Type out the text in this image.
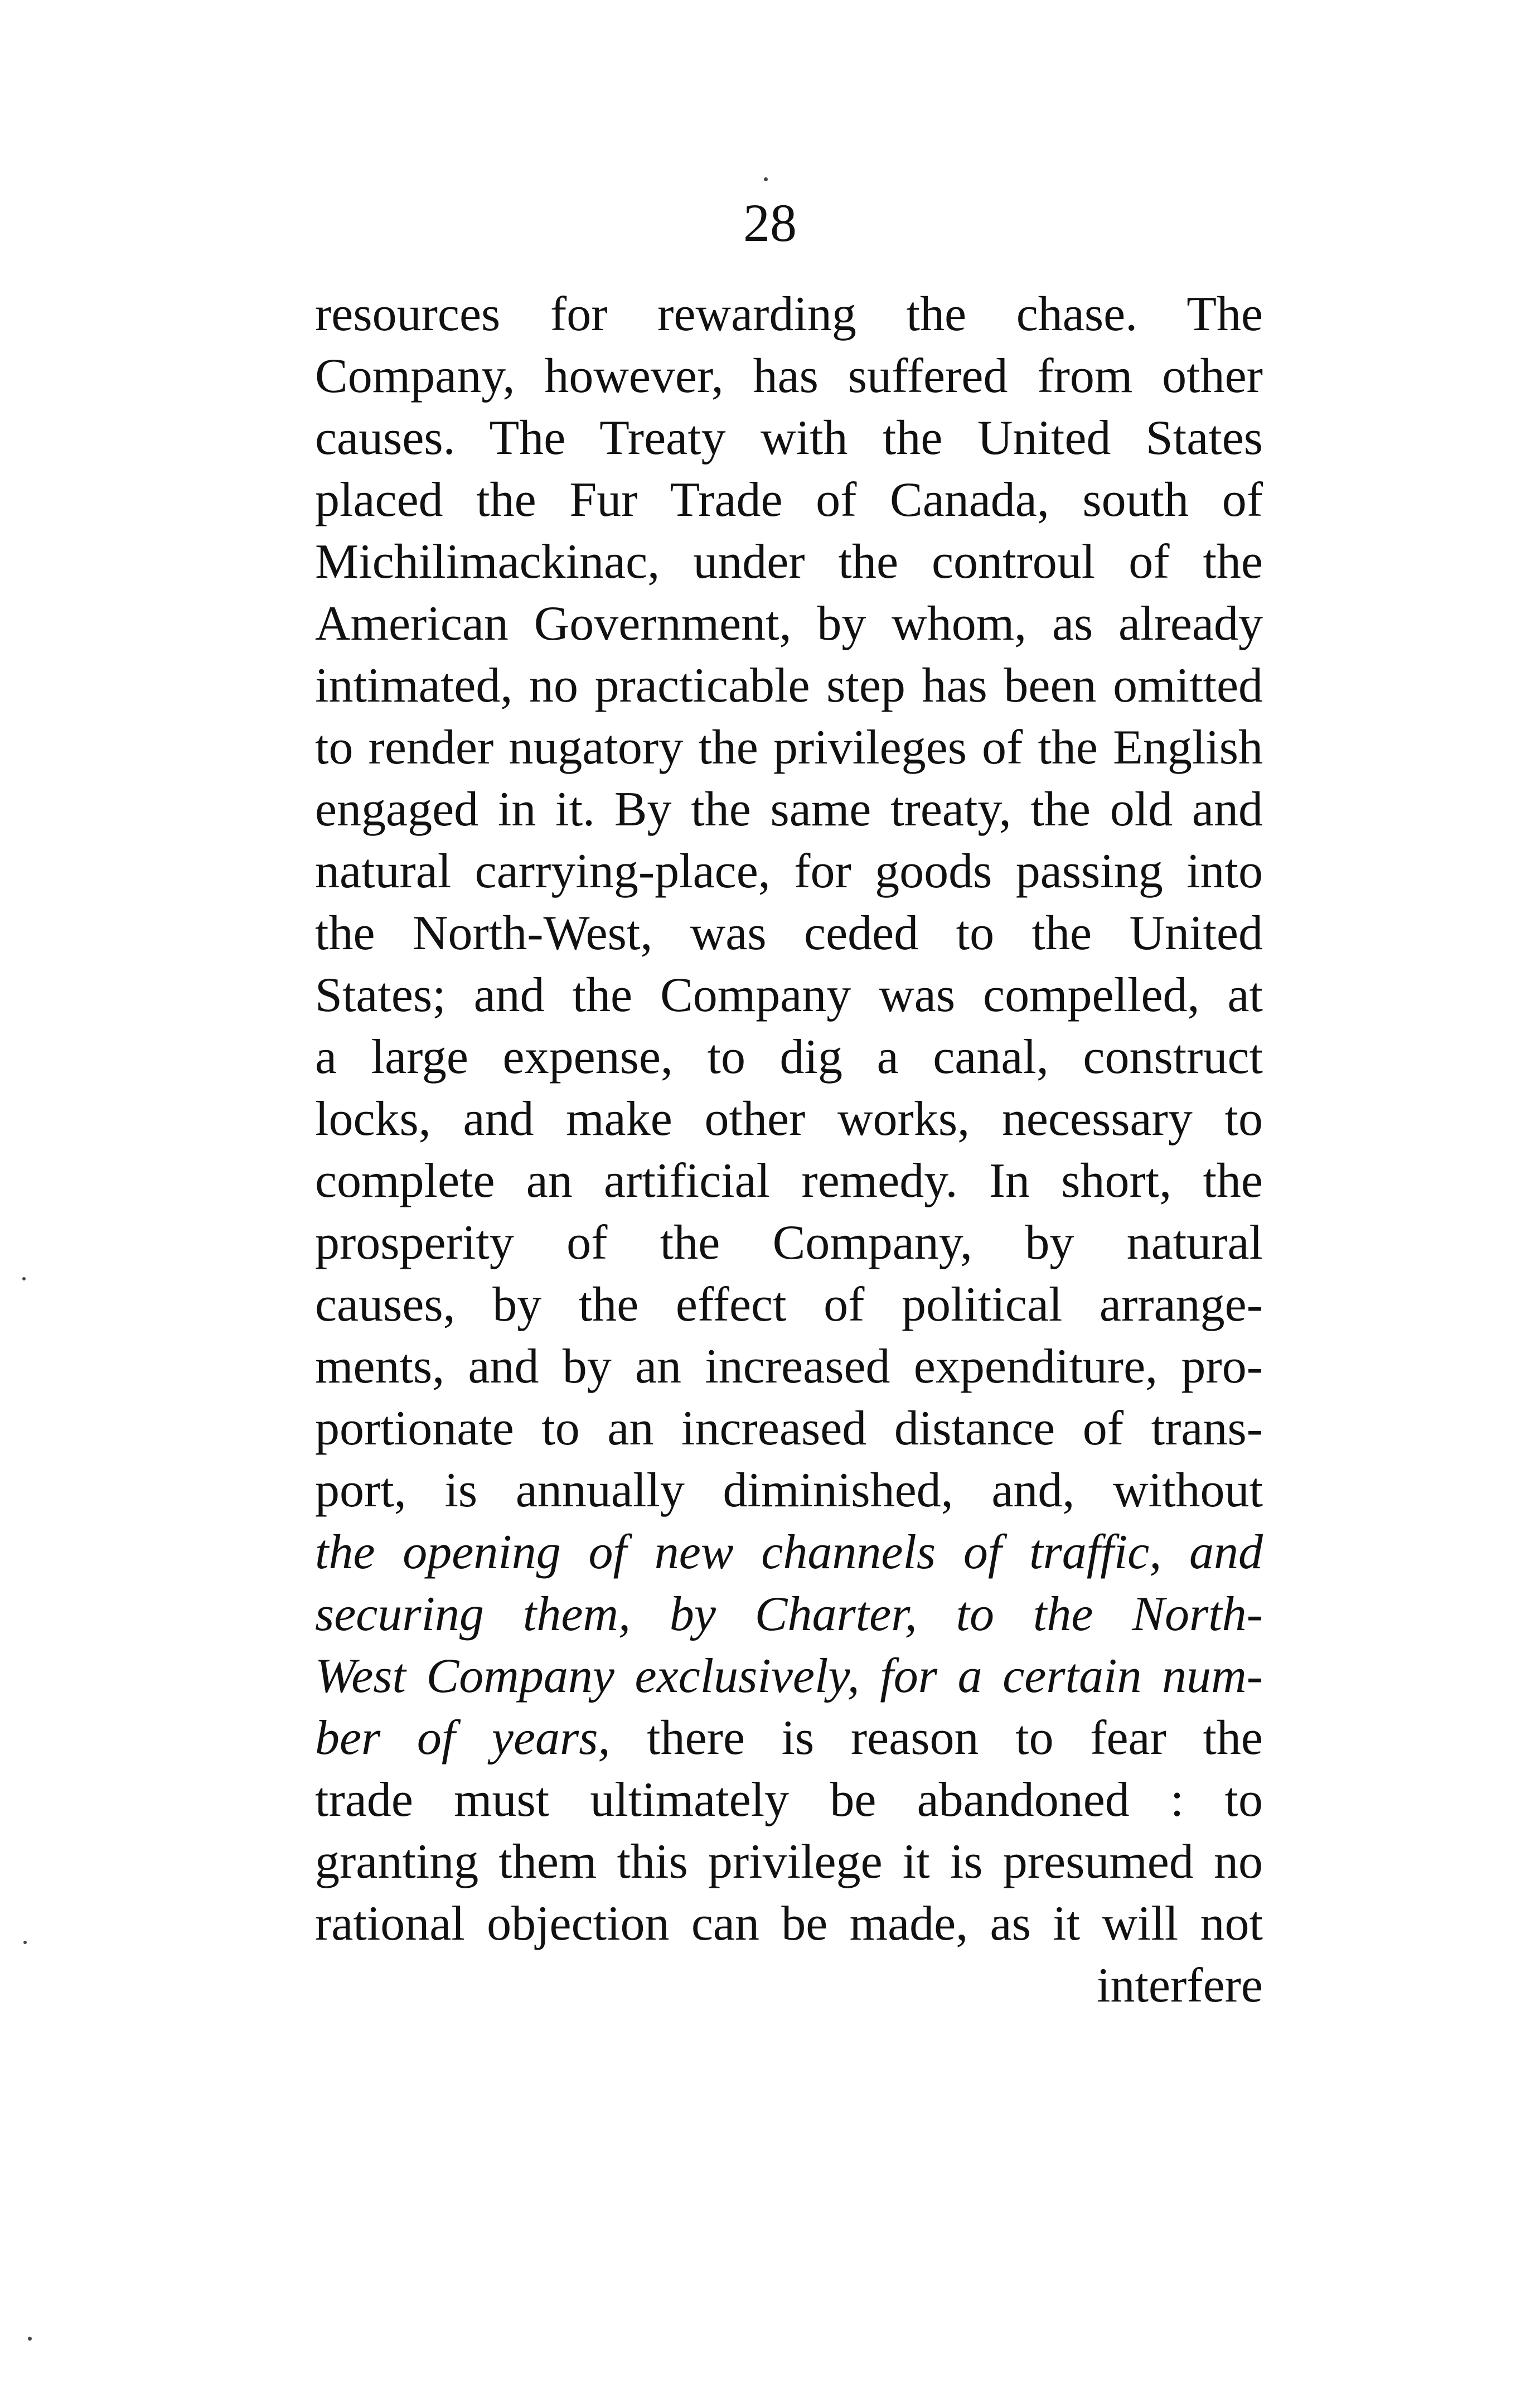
28
resources for rewarding the chase. The
Company, however, has suffered from other
causes. The Treaty with the United States
placed the Fur Trade of Canada, south of
Michilimackinac, under the controul of the
American Government, by whom, as already
intimated, no practicable step has been omitted
to render nugatory the privileges of the English
engaged in it. By the same treaty, the old and
natural carrying-place, for goods passing into
the North-West, was ceded to the United
States; and the Company was compelled, at
a large expense, to dig a canal, construct
locks, and make other works, necessary to
complete an artificial remedy. In short, the
prosperity of the Company, by natural
causes, by the effect of political arrange-
ments, and by an increased expenditure, pro-
portionate to an increased distance of trans-
port, is annually diminished, and, without
the opening of new channels of traffic, and
securing them, by Charter, to the North-
West Company exclusively, for a certain num-
ber of years, there is reason to fear the
trade must ultimately be abandoned : to
granting them this privilege it is presumed no
rational objection can be made, as it will not
interfere
